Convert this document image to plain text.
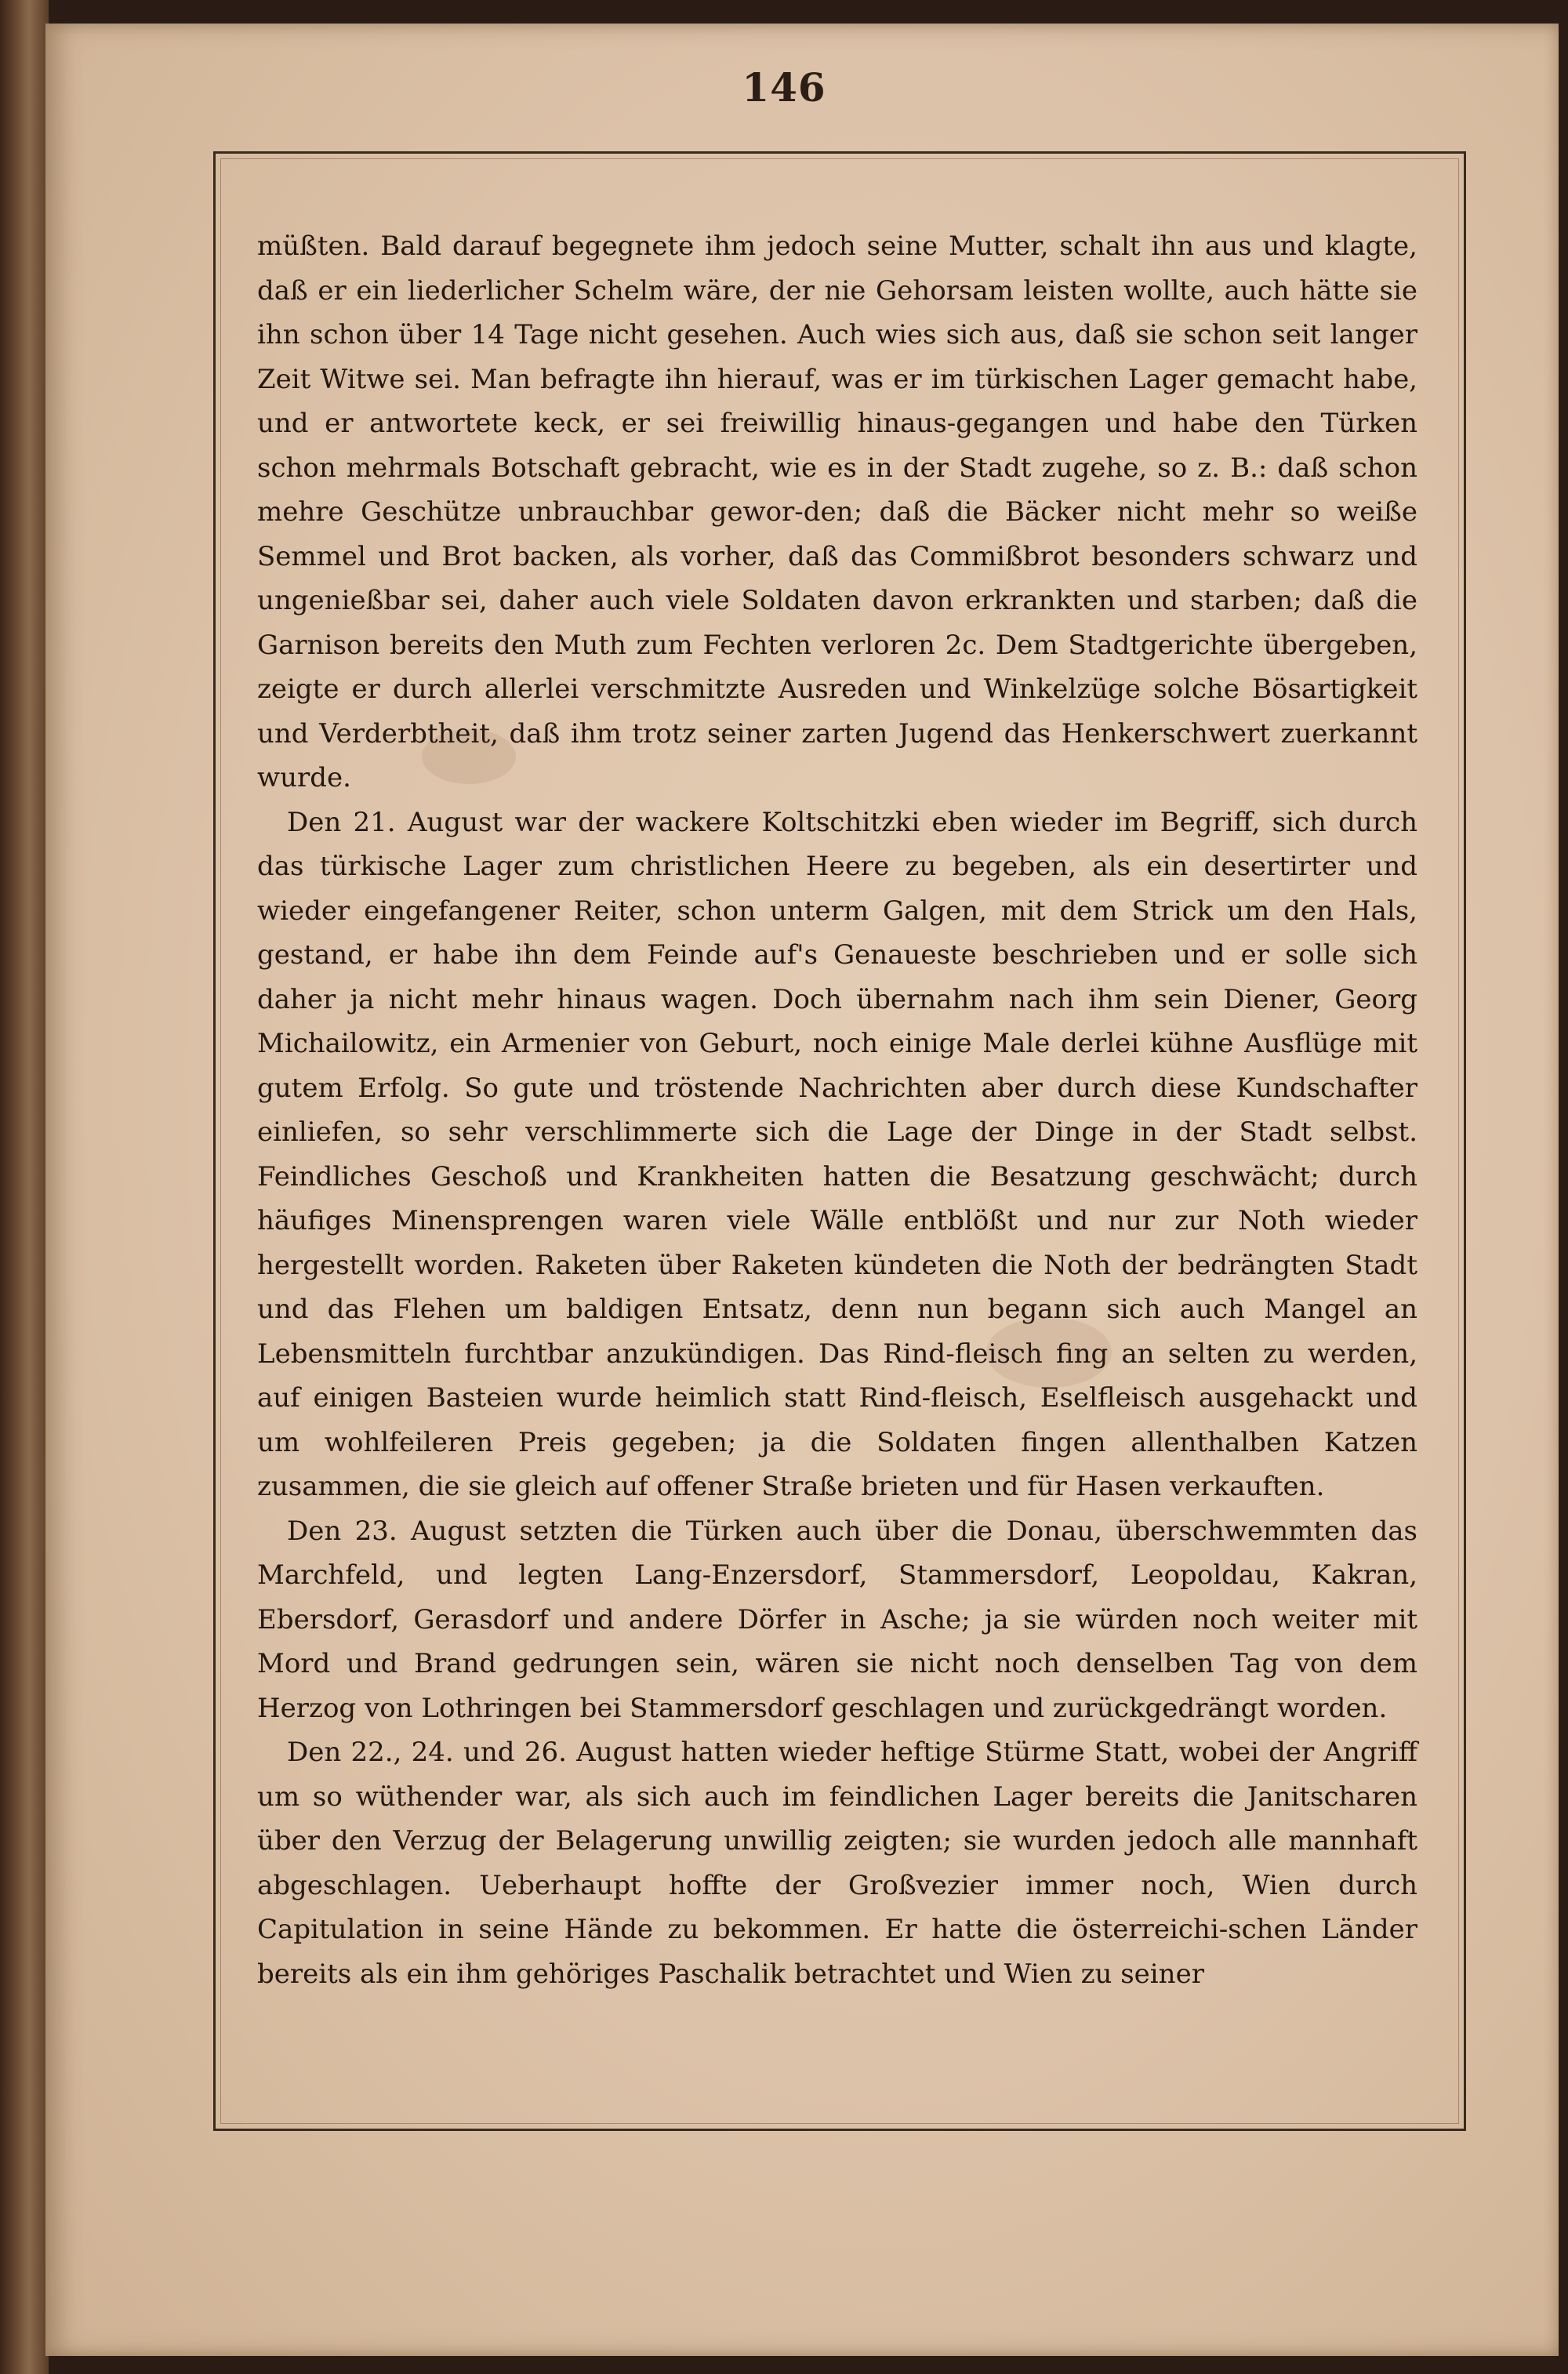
146

müßten. Bald darauf begegnete ihm jedoch seine Mutter, schalt ihn aus und klagte, daß er ein liederlicher Schelm wäre, der nie Gehorsam leisten wollte, auch hätte sie ihn schon über 14 Tage nicht gesehen. Auch wies sich aus, daß sie schon seit langer Zeit Witwe sei. Man befragte ihn hierauf, was er im türkischen Lager gemacht habe, und er antwortete keck, er sei freiwillig hinaus-gegangen und habe den Türken schon mehrmals Botschaft gebracht, wie es in der Stadt zugehe, so z. B.: daß schon mehre Geschütze unbrauchbar gewor-den; daß die Bäcker nicht mehr so weiße Semmel und Brot backen, als vorher, daß das Commißbrot besonders schwarz und ungenießbar sei, daher auch viele Soldaten davon erkrankten und starben; daß die Garnison bereits den Muth zum Fechten verloren 2c. Dem Stadtgerichte übergeben, zeigte er durch allerlei verschmitzte Ausreden und Winkelzüge solche Bösartigkeit und Verderbtheit, daß ihm trotz seiner zarten Jugend das Henkerschwert zuerkannt wurde.

Den 21. August war der wackere Koltschitzki eben wieder im Begriff, sich durch das türkische Lager zum christlichen Heere zu begeben, als ein desertirter und wieder eingefangener Reiter, schon unterm Galgen, mit dem Strick um den Hals, gestand, er habe ihn dem Feinde auf's Genaueste beschrieben und er solle sich daher ja nicht mehr hinaus wagen. Doch übernahm nach ihm sein Diener, Georg Michailowitz, ein Armenier von Geburt, noch einige Male derlei kühne Ausflüge mit gutem Erfolg. So gute und tröstende Nachrichten aber durch diese Kundschafter einliefen, so sehr verschlimmerte sich die Lage der Dinge in der Stadt selbst. Feindliches Geschoß und Krankheiten hatten die Besatzung geschwächt; durch häufiges Minensprengen waren viele Wälle entblößt und nur zur Noth wieder hergestellt worden. Raketen über Raketen kündeten die Noth der bedrängten Stadt und das Flehen um baldigen Entsatz, denn nun begann sich auch Mangel an Lebensmitteln furchtbar anzukündigen. Das Rind-fleisch fing an selten zu werden, auf einigen Basteien wurde heimlich statt Rind-fleisch, Eselfleisch ausgehackt und um wohlfeileren Preis gegeben; ja die Soldaten fingen allenthalben Katzen zusammen, die sie gleich auf offener Straße brieten und für Hasen verkauften.

Den 23. August setzten die Türken auch über die Donau, überschwemmten das Marchfeld, und legten Lang-Enzersdorf, Stammersdorf, Leopoldau, Kakran, Ebersdorf, Gerasdorf und andere Dörfer in Asche; ja sie würden noch weiter mit Mord und Brand gedrungen sein, wären sie nicht noch denselben Tag von dem Herzog von Lothringen bei Stammersdorf geschlagen und zurückgedrängt worden.

Den 22., 24. und 26. August hatten wieder heftige Stürme Statt, wobei der Angriff um so wüthender war, als sich auch im feindlichen Lager bereits die Janitscharen über den Verzug der Belagerung unwillig zeigten; sie wurden jedoch alle mannhaft abgeschlagen. Ueberhaupt hoffte der Großvezier immer noch, Wien durch Capitulation in seine Hände zu bekommen. Er hatte die österreichi-schen Länder bereits als ein ihm gehöriges Paschalik betrachtet und Wien zu seiner
